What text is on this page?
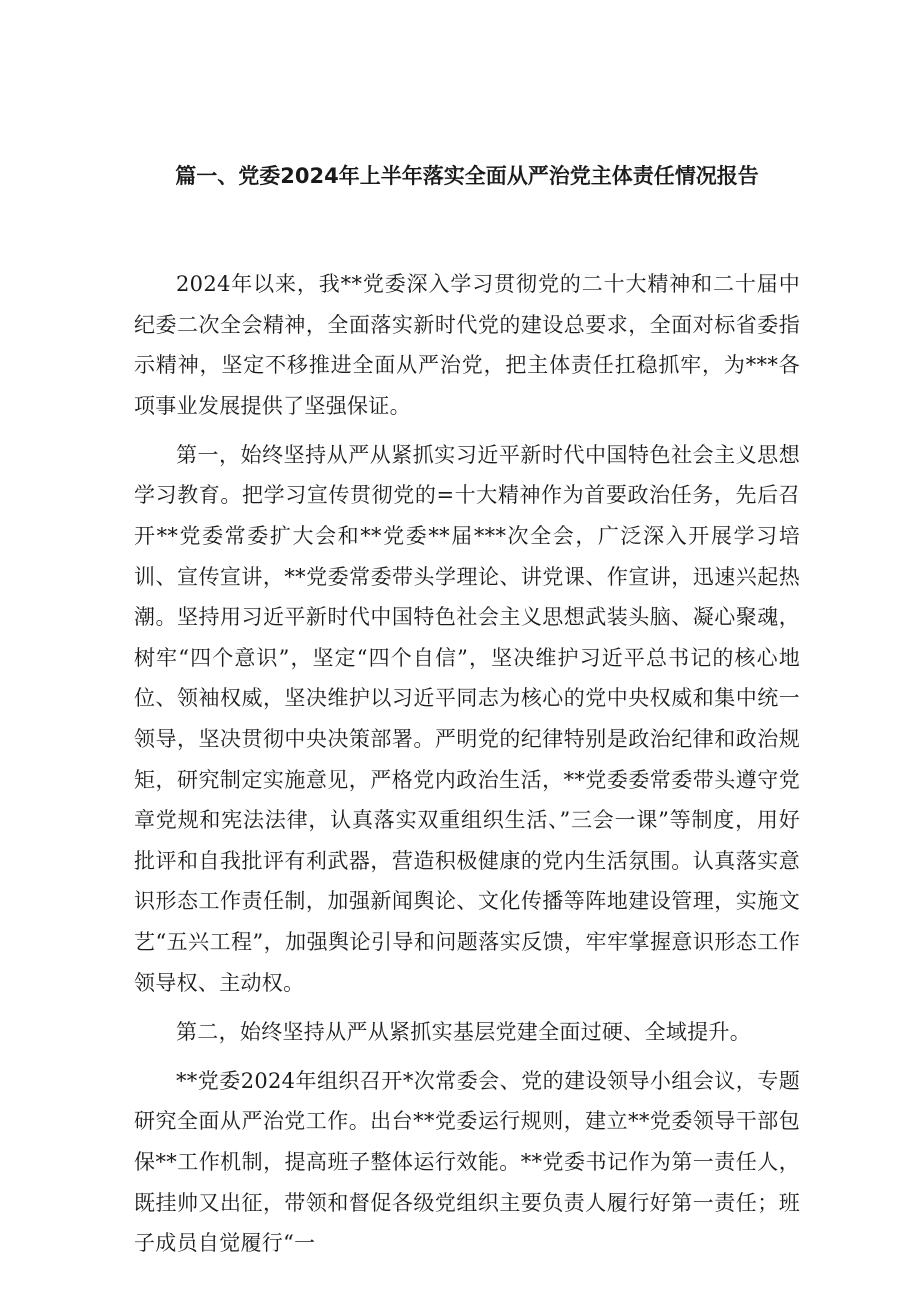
篇一、党委2024年上半年落实全面从严治党主体责任情况报告

2024年以来，我**党委深入学习贯彻党的二十大精神和二十届中纪委二次全会精神，全面落实新时代党的建设总要求，全面对标省委指示精神，坚定不移推进全面从严治党，把主体责任扛稳抓牢，为***各项事业发展提供了坚强保证。

第一，始终坚持从严从紧抓实习近平新时代中国特色社会主义思想学习教育。把学习宣传贯彻党的=十大精神作为首要政治任务，先后召开**党委常委扩大会和**党委**届***次全会，广泛深入开展学习培训、宣传宣讲，**党委常委带头学理论、讲党课、作宣讲，迅速兴起热潮。坚持用习近平新时代中国特色社会主义思想武装头脑、凝心聚魂，树牢“四个意识”，坚定“四个自信”，坚决维护习近平总书记的核心地位、领袖权威，坚决维护以习近平同志为核心的党中央权威和集中统一领导，坚决贯彻中央决策部署。严明党的纪律特别是政治纪律和政治规矩，研究制定实施意见，严格党内政治生活，**党委委常委带头遵守党章党规和宪法法律，认真落实双重组织生活、”三会一课”等制度，用好批评和自我批评有利武器，营造积极健康的党内生活氛围。认真落实意识形态工作责任制，加强新闻舆论、文化传播等阵地建设管理，实施文艺“五兴工程”，加强舆论引导和问题落实反馈，牢牢掌握意识形态工作领导权、主动权。

第二，始终坚持从严从紧抓实基层党建全面过硬、全域提升。

**党委2024年组织召开*次常委会、党的建设领导小组会议，专题研究全面从严治党工作。出台**党委运行规则，建立**党委领导干部包保**工作机制，提高班子整体运行效能。**党委书记作为第一责任人，既挂帅又出征，带领和督促各级党组织主要负责人履行好第一责任；班子成员自觉履行“一
